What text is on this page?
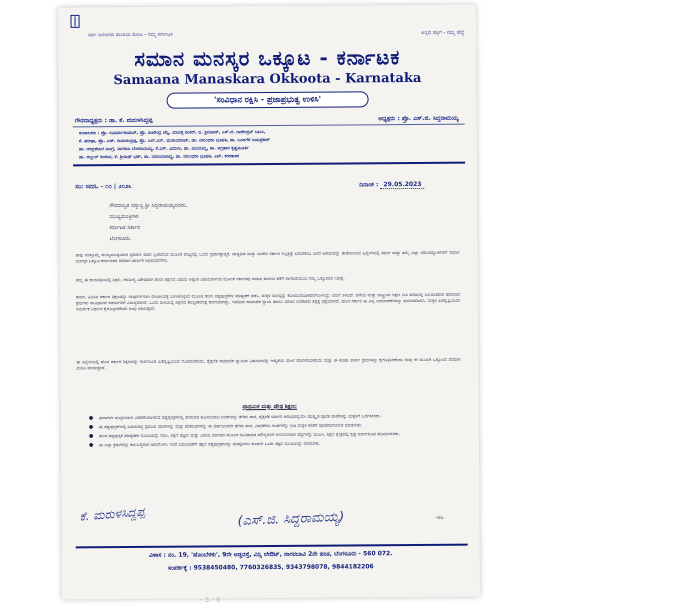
ಸರ್ವ ಜನಾಂಗದ ಶಾಂತಿಯ ತೋಟ - ನಮ್ಮ ಕರ್ನಾಟಕ	ಅನ್ನದ ಹಕ್ಕಿಗೆ - ನಮ್ಮ ಹೆಜ್ಜೆ
ಸಮಾನ ಮನಸ್ಕರ ಒಕ್ಕೂಟ - ಕರ್ನಾಟಕ
Samaana Manaskara Okkoota - Karnataka
'ಸಂವಿಧಾನ ರಕ್ಷಿಸಿ - ಪ್ರಜಾಪ್ರಭುತ್ವ ಉಳಿಸಿ'
ಗೌರವಾಧ್ಯಕ್ಷರು : ಡಾ. ಕೆ. ಮರುಳಸಿದ್ದಪ್ಪ	ಅಧ್ಯಕ್ಷರು : ಪ್ರೊ. ಎಸ್.ಜಿ. ಸಿದ್ದರಾಮಯ್ಯ
ಸಂಚಾಲಕರು : ಪ್ರೊ. ರವಿವರ್ಮಕುಮಾರ್, ಪ್ರೊ. ರಾಜೇಂದ್ರ ಚೆನ್ನಿ, ಮಾವಳ್ಳಿ ಶಂಕರ್, ಬಿ. ಶ್ರೀನಿವಾಸ್, ಎಸ್.ಜಿ. ರಾಜೇಂದ್ರನ್ ಬಾಬು,
ಕೆ. ಷರೀಫಾ, ಪ್ರೊ. ಎಚ್. ರಾಮಚಂದ್ರಪ್ಪ, ಪ್ರೊ. ಎಲ್.ಎನ್. ಮುಕುಂದರಾಜ್, ಡಾ. ವಸುಂಧರಾ ಭೂಪತಿ, ಡಾ. ಬಂಜಗೆರೆ ಜಯಪ್ರಕಾಶ್
ಡಾ. ಚಂದ್ರಶೇಖರ ನಾಂಗ್ರೆ, ನಾಗರಾಜ ಬೆಂಕಿರಾಮಯ್ಯ, ಕೆ.ಎಸ್. ವಿಮಲಾ, ಡಾ. ವಿಜಯಮ್ಮ, ಡಾ. ಅಗ್ರಹಾರ ಕೃಷ್ಣಮೂರ್ತಿ
ಡಾ. ಅಬ್ದುಲ್ ಸಂಜೀವ, ಕೆ. ಶ್ರೀನಾಥ್ ಭಟ್, ಡಾ. ನಿರಂಜನಾರಾಧ್ಯ, ಡಾ. ವಸುಂಧರಾ ಭೂಪತಿ, ಎಚ್. ಕರುಣಾಕರ
ಸಂ: ಸಮಓ - ೧೦ | ೨೦೨೩	ದಿನಾಂಕ : 29.05.2023
ಗೌರವಾನ್ವಿತ ಸನ್ಮಾನ್ಯ ಶ್ರೀ ಸಿದ್ದರಾಮಯ್ಯನವರು,
ಮುಖ್ಯಮಂತ್ರಿಗಳು
ಕರ್ನಾಟಕ ಸರ್ಕಾರ
ಬೆಂಗಳೂರು.
ತಾವು ಮತ್ತೊಮ್ಮೆ ಮುಖ್ಯಮಂತ್ರಿಯಾಗಿ ಪ್ರಮಾಣ ವಚನ ಸ್ವೀಕರಿಸುವ ಮೂಲಕ ರಾಜ್ಯದಲ್ಲಿ ಒಂದು ಪ್ರಜಾಸತ್ತಾತ್ಮಕ, ಜಾತ್ಯತೀತ ಮತ್ತು ಜನಪರ ಸರ್ಕಾರ ಅಸ್ತಿತ್ವಕ್ಕೆ ಬರಬೇಕೆಂಬ ಜನರ ಆಶಯವನ್ನು ಈಡೇರಿಸಿರುವ ಹಿನ್ನೆಲೆಯಲ್ಲಿ ತಮಗೆ ಮತ್ತು ತಮ್ಮ ಎಲ್ಲಾ ಸಹೋದ್ಯೋಗಿಗಳಿಗೆ ಸಮಾನ ಮನಸ್ಕರ ಒಕ್ಕೂಟ-ಕರ್ನಾಟಕದ ಪರವಾಗಿ ಹಾರ್ದಿಕ ಅಭಿನಂದನೆಗಳು.
ತಮ್ಮ ಈ ಕಾಲಾವಧಿಯಲ್ಲಿ ಶಿಕ್ಷಣ, ಆರೋಗ್ಯ ವಿಶೇಷವಾಗಿ ಶಾಲಾ ಶಿಕ್ಷಣದ ವಿಷಯ ಅತ್ಯಂತ ವಿಷಯವಾಗುವ ಮೂಲಕ ಸರ್ಕಾರವು ಸಮಾನ ಶಾಲೆಯ ಕಡೆಗೆ ಸಾಗಲಿದೆಯೆಂಬ ನಮ್ಮ ಒಕ್ಕೊರಲಿನ ನಿರೀಕ್ಷೆ.
ಕಾರಣ, ಹಿಂದಿನ ಸರ್ಕಾರ ಶಿಕ್ಷಣವನ್ನು ಸಂಪೂರ್ಣವಾಗಿ ರಾಜಕೀಯಕ್ಕೆ ಬಳಸಿಕೊಳ್ಳುವ ಮೂಲಕ ಶಾಲಾ ಪಠ್ಯಪುಸ್ತಕಗಳ ಪರಿಷ್ಕರಣೆ ನಡೆಸಿ, ಮಕ್ಕಳ ಮನಸ್ಸನ್ನು ಕೋಮುವಾದೀಕರಣಗೊಳಿಸಿದ್ದು ನಿಮಗೆ ತಿಳಿದಿದೆ. ಹಳೆಯ ಮತ್ತು ರಾಷ್ಟ್ರೀಯ ಶಿಕ್ಷಣ ನೀತಿ ಹೆಸರಿನಲ್ಲಿ ಬಲವಂತವಾಗಿ ಹೇರಲಾದ ಕ್ರಮಗಳು ಸಂವಿಧಾನದ ಆಶಯಗಳಿಗೆ ವಿರುದ್ಧವಾಗಿವೆ. ಒಂದು ರೀತಿಯಲ್ಲಿ ಶಿಕ್ಷಣದ ಕೇಂದ್ರೀಕರಣಕ್ಕೆ ಕಾರಣವಾಗಿದ್ದು, ಇದರಿಂದ ಸಾಮಾಜಿಕ ನ್ಯಾಯ ಹಾಗೂ ಸಮಾನ ಅವಕಾಶದ ತತ್ವಕ್ಕೆ ಧಕ್ಕೆಯಾಗಿದೆ. ಹೊಸ ಸರ್ಕಾರ ಈ ಎಲ್ಲ ಬದಲಾವಣೆಗಳನ್ನು ಮರುಪರಿಶೀಲಿಸಿ, ಮಕ್ಕಳ ಹಿತದೃಷ್ಟಿಯಿಂದ ಸಮರ್ಪಕ ನಿರ್ಧಾರ ಕೈಗೊಳ್ಳಬೇಕೆಂದು ನಾವು ಆಶಿಸುತ್ತೇವೆ.
ಈ ಹಿನ್ನೆಲೆಯಲ್ಲಿ ಹೊಸ ಸರ್ಕಾರ ಶಿಕ್ಷಣವನ್ನು ಸಾರ್ವಜನಿಕ ಹಿತದೃಷ್ಟಿಯಿಂದ ನೋಡಬೇಕೆಂದು, ಶೈಕ್ಷಣಿಕ ಸಾಮಾಜಿಕ ನ್ಯಾಯದ ವಿಷಯಗಳನ್ನು ಆದ್ಯತೆಯ ಮೇಲೆ ಪರಿಗಣಿಸಬೇಕೆಂದು ಮತ್ತು ಈ ಕುರಿತು ತುರ್ತು ಕ್ರಮಗಳನ್ನು ಕೈಗೊಳ್ಳಬೇಕೆಂದು ನಾವು ಈ ಮೂಲಕ ಒಕ್ಕೂಟದ ಪರವಾಗಿ ಮನವಿ ಮಾಡುತ್ತೇವೆ.
ಪ್ರಾಥಮಿಕ ಮತ್ತು ಪ್ರೌಢ ಶಿಕ್ಷಣ:
● ಈಗಾಗಲೇ ಮುದ್ರಣವಾಗಿ ವಿತರಣೆಯಾಗಿರುವ ಪಠ್ಯಪುಸ್ತಕಗಳಲ್ಲಿ ಹೇರಲಾದ ಕೋಮುವಾದಿ ಅಂಶಗಳನ್ನು ತೆಗೆದು ಹಾಕಿ, ಶೈಕ್ಷಣಿಕ ವರ್ಷದ ಆರಂಭದಲ್ಲಿಯೇ ಪರಿಷ್ಕೃತ ಪೂರಕ ಪಾಠಗಳನ್ನು ಮಕ್ಕಳಿಗೆ ಒದಗಿಸಬೇಕು.
● ಈ ಪಠ್ಯಪುಸ್ತಕಗಳಲ್ಲಿ ಬದಲಾಗಿದ್ದ ಪ್ರಮುಖ ಪಾಠಗಳನ್ನು ಮತ್ತು ಕಲಿಕಾಂಶಗಳನ್ನು ಈ ವರ್ಷದಿಂದಲೇ ತೆಗೆದು ಹಾಕಿ, ವಿವರಣೆಯ ಅಂಶಗಳನ್ನು ನೀಡಿ ಮಕ್ಕಳ ಕಲಿಕೆಗೆ ಪೂರಕವಾಗುವಂತೆ ಮಾಡಬೇಕು.
● ಹೊಸ ಪಠ್ಯಪುಸ್ತಕ ಪರಿಷ್ಕರಣಾ ಸಮಿತಿಯನ್ನು ರಚಿಸಿ, ಶಿಕ್ಷಣ ತಜ್ಞರು ಮತ್ತು ವಿಷಯ ಪರಿಣತರ ಮೂಲಕ ಸಂವಿಧಾನದ ಮೌಲ್ಯಗಳಿಗೆ ಅನುಗುಣವಾಗಿ ಪಠ್ಯಗಳನ್ನು ರೂಪಿಸಿ, ಶಿಕ್ಷಣ ಕ್ಷೇತ್ರದಲ್ಲಿ ಸ್ಪಷ್ಟ ಮಾರ್ಗಸೂಚಿ ಹೊರಡಿಸಬೇಕು.
● ಈ ಎಲ್ಲಾ ಕ್ರಮಗಳನ್ನು ಕಾಲಬದ್ಧವಾಗಿ ಜಾರಿಗೊಳಿಸಿ ಇದರ ಬದಲಾವಣೆಗೆ ತಕ್ಷಣ ಪಠ್ಯಪುಸ್ತಕಗಳನ್ನು ಪರಿಷ್ಕರಿಸಲು ಕೂಡಲೇ ಒಂದು ತಜ್ಞರ ಸಮಿತಿಯನ್ನು ರಚಿಸಬೇಕು.
ಕೆ. ಮರುಳಸಿದ್ದಪ್ಪ	(ಎಸ್.ಜಿ. ಸಿದ್ದರಾಮಯ್ಯ)	-ಸಹಿ
ವಿಳಾಸ : ನಂ. 19, 'ಹೊಂಬೆಳಕು', 9ನೇ ಅಡ್ಡರಸ್ತೆ, ವಿನ್ನಿ ಲೇಔಟ್, ನಾಗರಬಾವಿ 2ನೇ ಹಂತ, ಬೆಂಗಳೂರು - 560 072.
ಸಂಪರ್ಕಕ್ಕೆ : 9538450480, 7760326835, 9343798078, 9844182206
- 3 - 6 -
